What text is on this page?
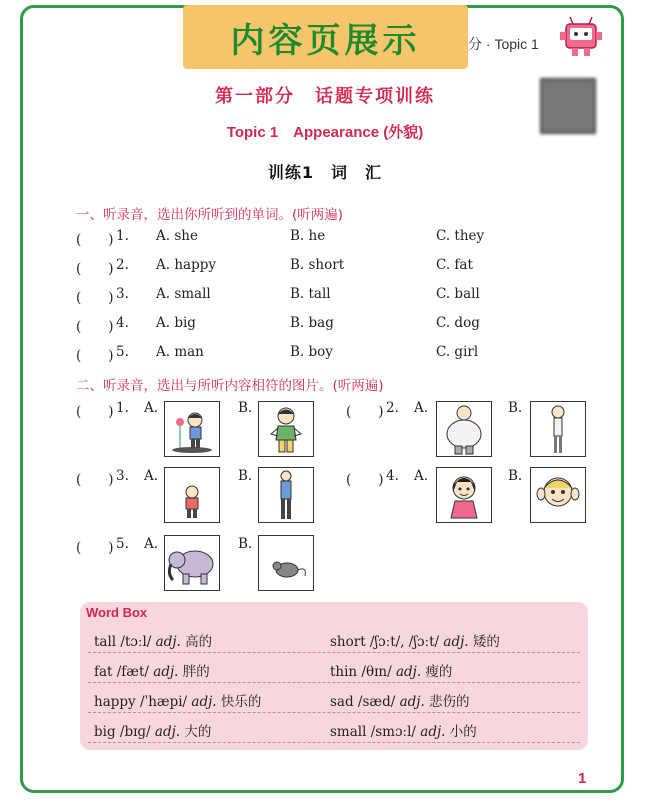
内容页展示	分 · Topic 1
第一部分　话题专项训练
Topic 1　Appearance (外貌)
训练1　词　汇
一、听录音，选出你所听到的单词。(听两遍)
(　　) 1. A. she	B. he	C. they
(　　) 2. A. happy	B. short	C. fat
(　　) 3. A. small	B. tall	C. ball
(　　) 4. A. big	B. bag	C. dog
(　　) 5. A. man	B. boy	C. girl
二、听录音，选出与所听内容相符的图片。(听两遍)
(　　) 1. A.	B.	(　　) 2. A.	B.
(　　) 3. A.	B.	(　　) 4. A.	B.
(　　) 5. A.	B.
Word Box
tall /tɔːl/ adj. 高的	short /ʃɔːt/, /ʃɔːt/ adj. 矮的
fat /fæt/ adj. 胖的	thin /θɪn/ adj. 瘦的
happy /ˈhæpi/ adj. 快乐的	sad /sæd/ adj. 悲伤的
big /bɪɡ/ adj. 大的	small /smɔːl/ adj. 小的
1
